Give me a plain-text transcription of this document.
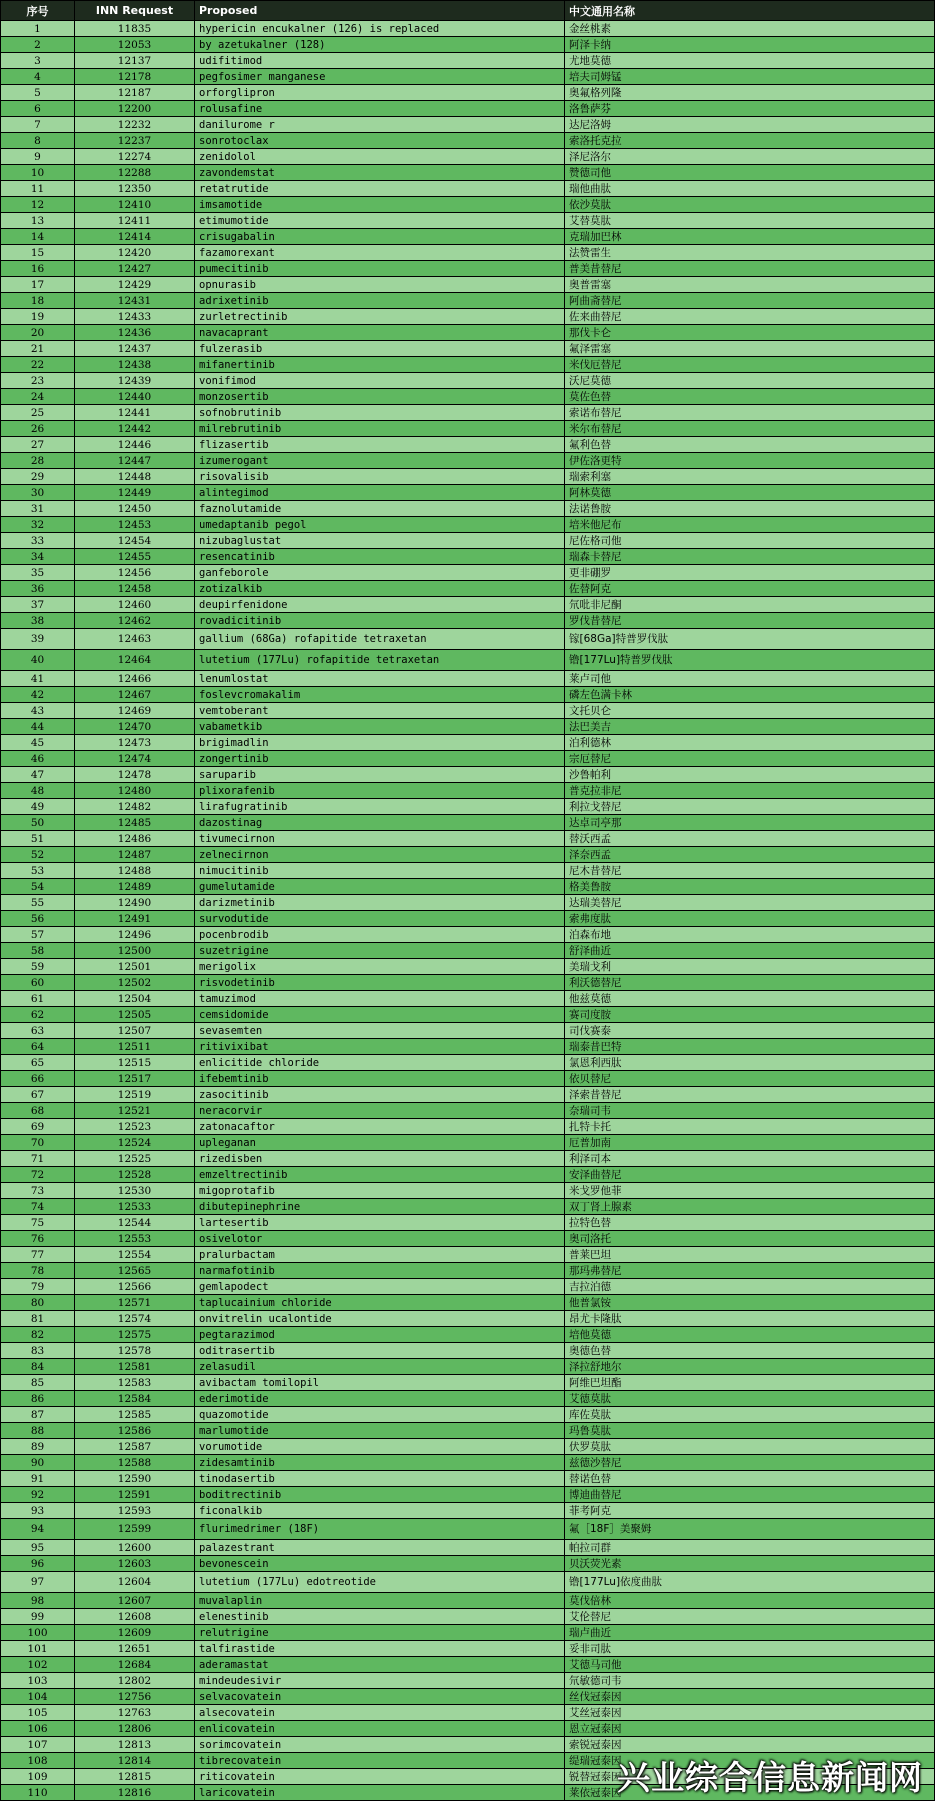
序号	INN Request	Proposed	中文通用名称
1	11835	hypericin encukalner (126) is replaced	金丝桃素
2	12053	by azetukalner (128)	阿泽卡纳
3	12137	udifitimod	尤地莫德
4	12178	pegfosimer manganese	培夫司姆锰
5	12187	orforglipron	奥氟格列隆
6	12200	rolusafine	洛鲁萨芬
7	12232	danilurome r	达尼洛姆
8	12237	sonrotoclax	索洛托克拉
9	12274	zenidolol	泽尼洛尔
10	12288	zavondemstat	赞德司他
11	12350	retatrutide	瑞他曲肽
12	12410	imsamotide	依沙莫肽
13	12411	etimumotide	艾替莫肽
14	12414	crisugabalin	克瑞加巴林
15	12420	fazamorexant	法赞雷生
16	12427	pumecitinib	普美昔替尼
17	12429	opnurasib	奥普雷塞
18	12431	adrixetinib	阿曲斋替尼
19	12433	zurletrectinib	佐来曲替尼
20	12436	navacaprant	那伐卡仑
21	12437	fulzerasib	氟泽雷塞
22	12438	mifanertinib	米伐厄替尼
23	12439	vonifimod	沃尼莫德
24	12440	monzosertib	莫佐色替
25	12441	sofnobrutinib	索诺布替尼
26	12442	milrebrutinib	米尔布替尼
27	12446	flizasertib	氟利色替
28	12447	izumerogant	伊佐洛更特
29	12448	risovalisib	瑞索利塞
30	12449	alintegimod	阿林莫德
31	12450	faznolutamide	法诺鲁胺
32	12453	umedaptanib pegol	培米他尼布
33	12454	nizubaglustat	尼佐格司他
34	12455	resencatinib	瑞森卡替尼
35	12456	ganfeborole	更非硼罗
36	12458	zotizalkib	佐替阿克
37	12460	deupirfenidone	氘吡非尼酮
38	12462	rovadicitinib	罗伐昔替尼
39	12463	gallium (68Ga) rofapitide tetraxetan	镓[68Ga]特普罗伐肽
40	12464	lutetium (177Lu) rofapitide tetraxetan	镥[177Lu]特普罗伐肽
41	12466	lenumlostat	莱卢司他
42	12467	foslevcromakalim	磷左色满卡林
43	12469	vemtoberant	文托贝仑
44	12470	vabametkib	法巴美吉
45	12473	brigimadlin	泊利德林
46	12474	zongertinib	宗厄替尼
47	12478	saruparib	沙鲁帕利
48	12480	plixorafenib	普克拉非尼
49	12482	lirafugratinib	利拉戈替尼
50	12485	dazostinag	达卓司亭那
51	12486	tivumecirnon	替沃西孟
52	12487	zelnecirnon	泽奈西孟
53	12488	nimucitinib	尼木昔替尼
54	12489	gumelutamide	格美鲁胺
55	12490	darizmetinib	达瑞美替尼
56	12491	survodutide	索弗度肽
57	12496	pocenbrodib	泊森布地
58	12500	suzetrigine	舒泽曲近
59	12501	merigolix	美瑞戈利
60	12502	risvodetinib	利沃德替尼
61	12504	tamuzimod	他兹莫德
62	12505	cemsidomide	赛司度胺
63	12507	sevasemten	司伐赛泰
64	12511	ritivixibat	瑞泰昔巴特
65	12515	enlicitide chloride	氯恩利西肽
66	12517	ifebemtinib	依贝替尼
67	12519	zasocitinib	泽索昔替尼
68	12521	neracorvir	奈瑞司韦
69	12523	zatonacaftor	扎特卡托
70	12524	upleganan	厄普加南
71	12525	rizedisben	利泽司本
72	12528	emzeltrectinib	安泽曲替尼
73	12530	migoprotafib	米戈罗他菲
74	12533	dibutepinephrine	双丁肾上腺素
75	12544	lartesertib	拉特色替
76	12553	osivelotor	奥司洛托
77	12554	pralurbactam	普莱巴坦
78	12565	narmafotinib	那玛弗替尼
79	12566	gemlapodect	吉拉泊德
80	12571	taplucainium chloride	他普氯铵
81	12574	onvitrelin ucalontide	昂尤卡隆肽
82	12575	pegtarazimod	培他莫德
83	12578	oditrasertib	奥德色替
84	12581	zelasudil	泽拉舒地尔
85	12583	avibactam tomilopil	阿维巴坦酯
86	12584	ederimotide	艾德莫肽
87	12585	quazomotide	库佐莫肽
88	12586	marlumotide	玛鲁莫肽
89	12587	vorumotide	伏罗莫肽
90	12588	zidesamtinib	兹德沙替尼
91	12590	tinodasertib	替诺色替
92	12591	boditrectinib	博迪曲替尼
93	12593	ficonalkib	菲考阿克
94	12599	flurimedrimer (18F)	氟［18F］美聚姆
95	12600	palazestrant	帕拉司群
96	12603	bevonescein	贝沃荧光素
97	12604	lutetium (177Lu) edotreotide	镥[177Lu]依度曲肽
98	12607	muvalaplin	莫伐倍林
99	12608	elenestinib	艾伦替尼
100	12609	relutrigine	瑞卢曲近
101	12651	talfirastide	妥非司肽
102	12684	aderamastat	艾德马司他
103	12802	mindeudesivir	氘敏德司韦
104	12756	selvacovatein	丝伐冠泰因
105	12763	alsecovatein	艾丝冠泰因
106	12806	enlicovatein	恩立冠泰因
107	12813	sorimcovatein	索锐冠泰因
108	12814	tibrecovatein	缇瑞冠泰因
109	12815	riticovatein	锐替冠泰因
110	12816	laricovatein	莱依冠泰因
兴业综合信息新闻网
